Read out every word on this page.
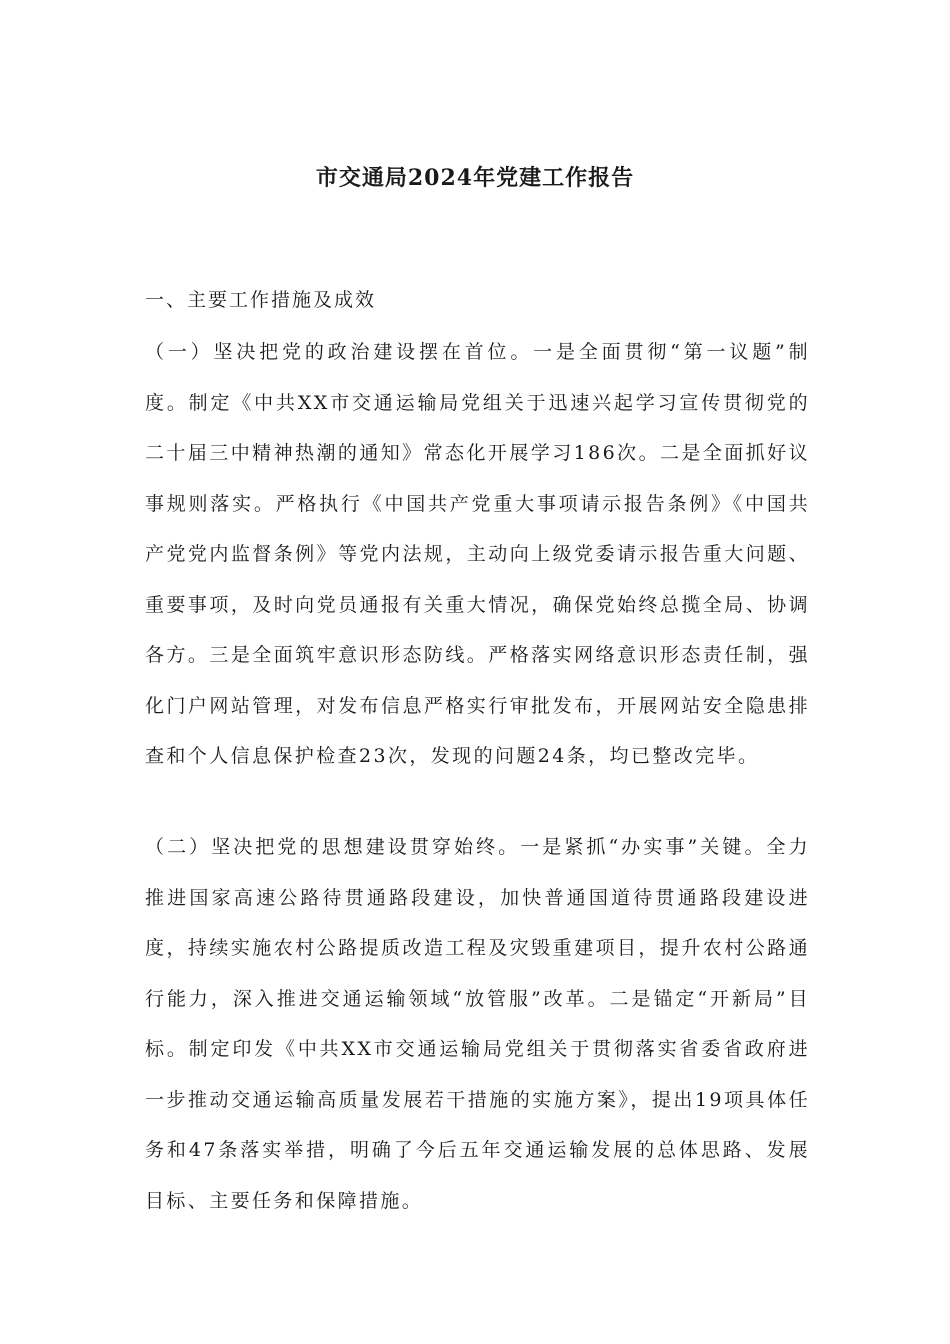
市交通局2024年党建工作报告
一、主要工作措施及成效
（一）坚决把党的政治建设摆在首位。一是全面贯彻“第一议题”制度。制定《中共XX市交通运输局党组关于迅速兴起学习宣传贯彻党的二十届三中精神热潮的通知》常态化开展学习186次。二是全面抓好议事规则落实。严格执行《中国共产党重大事项请示报告条例》《中国共产党党内监督条例》等党内法规，主动向上级党委请示报告重大问题、重要事项，及时向党员通报有关重大情况，确保党始终总揽全局、协调各方。三是全面筑牢意识形态防线。严格落实网络意识形态责任制，强化门户网站管理，对发布信息严格实行审批发布，开展网站安全隐患排查和个人信息保护检查23次，发现的问题24条，均已整改完毕。
（二）坚决把党的思想建设贯穿始终。一是紧抓“办实事”关键。全力推进国家高速公路待贯通路段建设，加快普通国道待贯通路段建设进度，持续实施农村公路提质改造工程及灾毁重建项目，提升农村公路通行能力，深入推进交通运输领域“放管服”改革。二是锚定“开新局”目标。制定印发《中共XX市交通运输局党组关于贯彻落实省委省政府进一步推动交通运输高质量发展若干措施的实施方案》，提出19项具体任务和47条落实举措，明确了今后五年交通运输发展的总体思路、发展目标、主要任务和保障措施。
